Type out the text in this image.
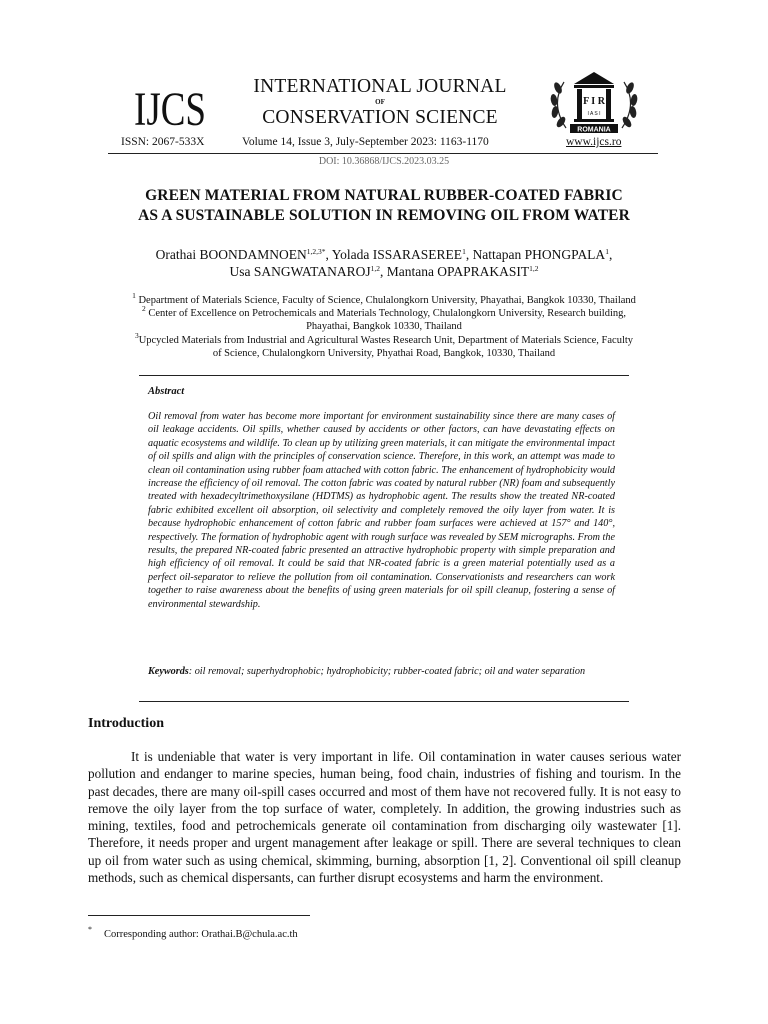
IJCS	INTERNATIONAL JOURNAL
OF
CONSERVATION SCIENCE
F I R
I A S I
ROMANIA
ISSN: 2067-533X	Volume 14, Issue 3, July-September 2023: 1163-1170	www.ijcs.ro
DOI: 10.36868/IJCS.2023.03.25
GREEN MATERIAL FROM NATURAL RUBBER-COATED FABRIC
AS A SUSTAINABLE SOLUTION IN REMOVING OIL FROM WATER
Orathai $BOONDAMNOEN^{1,2,3*}$, Yolada ISSARASEREE$^1$, Nattapan PHONGPALA$^1$,
Usa SANGWATANAROJ$^{1,2}$, Mantana OPAPRAKASIT$^{1,2}$
$^1$ Department of Materials Science, Faculty of Science, Chulalongkorn University, Phayathai, Bangkok 10330, Thailand
$^2$ Center of Excellence on Petrochemicals and Materials Technology, Chulalongkorn University, Research building,
Phayathai, Bangkok 10330, Thailand
$^3$Upcycled Materials from Industrial and Agricultural Wastes Research Unit, Department of Materials Science, Faculty
of Science, Chulalongkorn University, Phyathai Road, Bangkok, 10330, Thailand
Abstract

Oil removal from water has become more important for environment sustainability since there are many cases of oil leakage accidents. Oil spills, whether caused by accidents or other factors, can have devastating effects on aquatic ecosystems and wildlife. To clean up by utilizing green materials, it can mitigate the environmental impact of oil spills and align with the principles of conservation science. Therefore, in this work, an attempt was made to clean oil contamination using rubber foam attached with cotton fabric. The enhancement of hydrophobicity would increase the efficiency of oil removal. The cotton fabric was coated by natural rubber (NR) foam and subsequently treated with hexadecyltrimethoxysilane (HDTMS) as hydrophobic agent. The results show the treated NR-coated fabric exhibited excellent oil absorption, oil selectivity and completely removed the oily layer from water. It is because hydrophobic enhancement of cotton fabric and rubber foam surfaces were achieved at 157° and 140°, respectively. The formation of hydrophobic agent with rough surface was revealed by SEM micrographs. From the results, the prepared NR-coated fabric presented an attractive hydrophobic property with simple preparation and high efficiency of oil removal. It could be said that NR-coated fabric is a green material potentially used as a perfect oil-separator to relieve the pollution from oil contamination. Conservationists and researchers can work together to raise awareness about the benefits of using green materials for oil spill cleanup, fostering a sense of environmental stewardship.

Keywords: oil removal; superhydrophobic; hydrophobicity; rubber-coated fabric; oil and water separation

Introduction

It is undeniable that water is very important in life. Oil contamination in water causes serious water pollution and endanger to marine species, human being, food chain, industries of fishing and tourism. In the past decades, there are many oil-spill cases occurred and most of them have not recovered fully. It is not easy to remove the oily layer from the top surface of water, completely. In addition, the growing industries such as mining, textiles, food and petrochemicals generate oil contamination from discharging oily wastewater [1]. Therefore, it needs proper and urgent management after leakage or spill. There are several techniques to clean up oil from water such as using chemical, skimming, burning, absorption [1, 2]. Conventional oil spill cleanup methods, such as chemical dispersants, can further disrupt ecosystems and harm the environment.

* Corresponding author: Orathai.B@chula.ac.th
